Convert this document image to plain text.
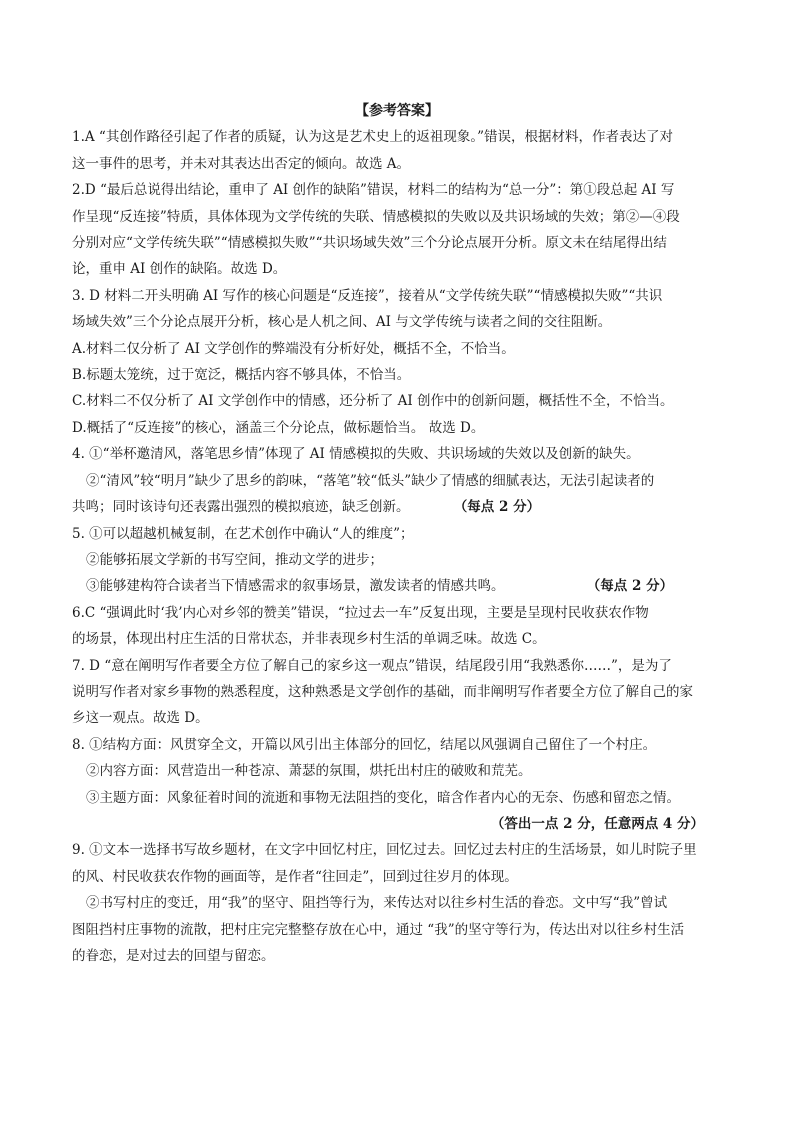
【参考答案】
1.A “其创作路径引起了作者的质疑，认为这是艺术史上的返祖现象。”错误，根据材料，作者表达了对
这一事件的思考，并未对其表达出否定的倾向。故选 A。
2.D “最后总说得出结论，重申了 AI 创作的缺陷”错误，材料二的结构为“总一分”：第①段总起 AI 写
作呈现“反连接”特质，具体体现为文学传统的失联、情感模拟的失败以及共识场域的失效；第②—④段
分别对应“文学传统失联”“情感模拟失败”“共识场域失效”三个分论点展开分析。原文未在结尾得出结
论，重申 AI 创作的缺陷。故选 D。
3. D 材料二开头明确 AI 写作的核心问题是“反连接”，接着从“文学传统失联”“情感模拟失败”“共识
场域失效”三个分论点展开分析，核心是人机之间、AI 与文学传统与读者之间的交往阻断。
A.材料二仅分析了 AI 文学创作的弊端没有分析好处，概括不全，不恰当。
B.标题太笼统，过于宽泛，概括内容不够具体，不恰当。
C.材料二不仅分析了 AI 文学创作中的情感，还分析了 AI 创作中的创新问题，概括性不全，不恰当。
D.概括了“反连接”的核心，涵盖三个分论点，做标题恰当。 故选 D。
4. ①“举杯邀清风，落笔思乡情”体现了 AI 情感模拟的失败、共识场域的失效以及创新的缺失。
②“清风”较“明月”缺少了思乡的韵味，“落笔”较“低头”缺少了情感的细腻表达，无法引起读者的
共鸣；同时该诗句还表露出强烈的模拟痕迹，缺乏创新。	（每点 2 分）
5. ①可以超越机械复制，在艺术创作中确认“人的维度”；
②能够拓展文学新的书写空间，推动文学的进步；
③能够建构符合读者当下情感需求的叙事场景，激发读者的情感共鸣。	（每点 2 分）
6.C “强调此时‘我’内心对乡邻的赞美”错误，“拉过去一车”反复出现，主要是呈现村民收获农作物
的场景，体现出村庄生活的日常状态，并非表现乡村生活的单调乏味。故选 C。
7. D “意在阐明写作者要全方位了解自己的家乡这一观点”错误，结尾段引用“我熟悉你……”，是为了
说明写作者对家乡事物的熟悉程度，这种熟悉是文学创作的基础，而非阐明写作者要全方位了解自己的家
乡这一观点。故选 D。
8. ①结构方面：风贯穿全文，开篇以风引出主体部分的回忆，结尾以风强调自己留住了一个村庄。
②内容方面：风营造出一种苍凉、萧瑟的氛围，烘托出村庄的破败和荒芜。
③主题方面：风象征着时间的流逝和事物无法阻挡的变化，暗含作者内心的无奈、伤感和留恋之情。
（答出一点 2 分，任意两点 4 分）
9. ①文本一选择书写故乡题材，在文字中回忆村庄，回忆过去。回忆过去村庄的生活场景，如儿时院子里
的风、村民收获农作物的画面等，是作者“往回走”，回到过往岁月的体现。
②书写村庄的变迁，用“我”的坚守、阻挡等行为，来传达对以往乡村生活的眷恋。文中写“我”曾试
图阻挡村庄事物的流散，把村庄完完整整存放在心中，通过 “我”的坚守等行为，传达出对以往乡村生活
的眷恋，是对过去的回望与留恋。
